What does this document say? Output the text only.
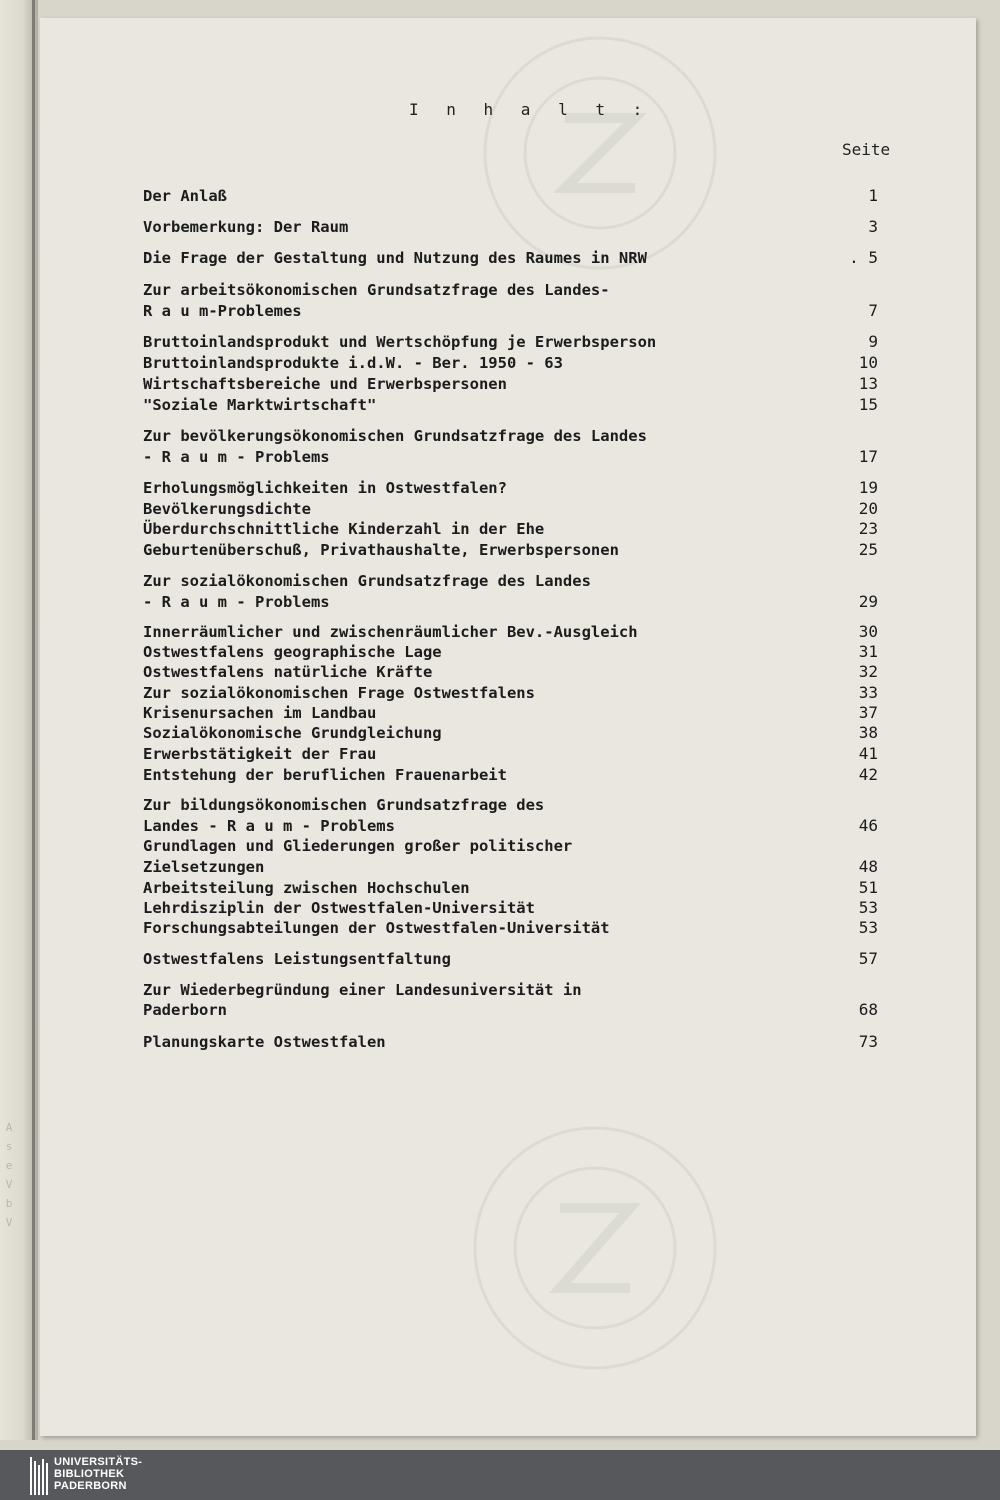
A
s
e
V
b
V
I n h a l t :
Seite
Der Anlaß	1
Vorbemerkung: Der Raum	3
Die Frage der Gestaltung und Nutzung des Raumes in NRW	. 5
Zur arbeitsökonomischen Grundsatzfrage des Landes-
R a u m-Problemes	7
Bruttoinlandsprodukt und Wertschöpfung je Erwerbsperson	9
Bruttoinlandsprodukte i.d.W. - Ber. 1950 - 63	10
Wirtschaftsbereiche und Erwerbspersonen	13
"Soziale Marktwirtschaft"	15
Zur bevölkerungsökonomischen Grundsatzfrage des Landes
- R a u m - Problems	17
Erholungsmöglichkeiten in Ostwestfalen?	19
Bevölkerungsdichte	20
Überdurchschnittliche Kinderzahl in der Ehe	23
Geburtenüberschuß, Privathaushalte, Erwerbspersonen	25
Zur sozialökonomischen Grundsatzfrage des Landes
- R a u m - Problems	29
Innerräumlicher und zwischenräumlicher Bev.-Ausgleich	30
Ostwestfalens geographische Lage	31
Ostwestfalens natürliche Kräfte	32
Zur sozialökonomischen Frage Ostwestfalens	33
Krisenursachen im Landbau	37
Sozialökonomische Grundgleichung	38
Erwerbstätigkeit der Frau	41
Entstehung der beruflichen Frauenarbeit	42
Zur bildungsökonomischen Grundsatzfrage des
Landes - R a u m - Problems	46
Grundlagen und Gliederungen großer politischer
Zielsetzungen	48
Arbeitsteilung zwischen Hochschulen	51
Lehrdisziplin der Ostwestfalen-Universität	53
Forschungsabteilungen der Ostwestfalen-Universität	53
Ostwestfalens Leistungsentfaltung	57
Zur Wiederbegründung einer Landesuniversität in
Paderborn	68
Planungskarte Ostwestfalen	73
UNIVERSITÄTS-
BIBLIOTHEK
PADERBORN
